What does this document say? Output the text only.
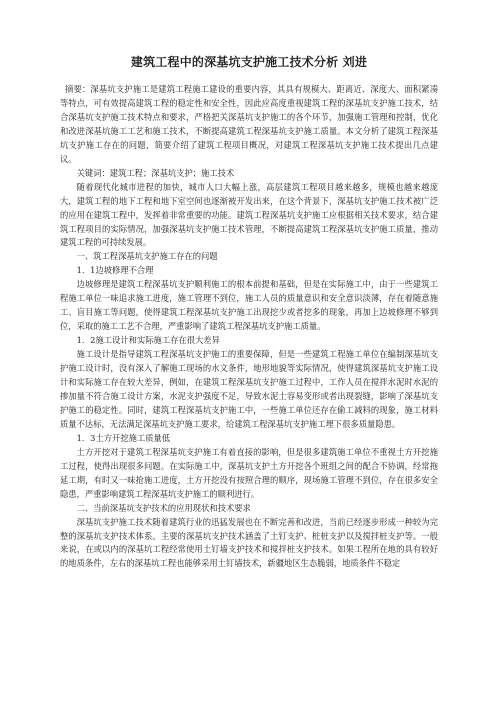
建筑工程中的深基坑支护施工技术分析 刘进

摘要：深基坑支护施工是建筑工程施工建设的重要内容，其具有规模大、距离近、深度大、面积紧凑等特点，可有效提高建筑工程的稳定性和安全性，因此应高度重视建筑工程的深基坑支护施工技术，结合深基坑支护施工技术特点和要求，严格把关深基坑支护施工的各个环节，加强施工管理和控制，优化和改进深基坑施工工艺和施工技术，不断提高建筑工程深基坑支护施工质量。本文分析了建筑工程深基坑支护施工存在的问题，简要介绍了建筑工程项目概况，对建筑工程深基坑支护施工技术提出几点建议。

关键词：建筑工程；深基坑支护；施工技术

随着现代化城市进程的加快，城市人口大幅上涨，高层建筑工程项目越来越多，规模也越来越庞大，建筑工程的地下工程和地下室空间也逐渐被开发出来，在这个背景下，深基坑支护施工技术被广泛的应用在建筑工程中，发挥着非常重要的功能。建筑工程深基坑支护施工应根据相关技术要求，结合建筑工程项目的实际情况，加强深基坑支护施工技术管理，不断提高建筑工程深基坑支护施工质量，推动建筑工程的可持续发展。

一、筑工程深基坑支护施工存在的问题

1．1边坡修理不合理

边坡修理是建筑工程深基坑支护顺利施工的根本前提和基础，但是在实际施工中，由于一些建筑工程施工单位一味追求施工进度，施工管理不到位，施工人员的质量意识和安全意识淡薄，存在着随意施工、盲目施工等问题，使得建筑工程深基坑支护施工出现挖少或者挖多的现象，再加上边坡修理不够到位，采取的施工工艺不合理，严重影响了建筑工程深基坑支护施工质量。

1．2施工设计和实际施工存在很大差异

施工设计是指导建筑工程深基坑支护施工的重要保障，但是一些建筑工程施工单位在编制深基坑支护施工设计时，没有深入了解施工现场的水文条件，地形地貌等实际情况，使得建筑深基坑支护施工设计和实际施工存在较大差异，例如，在建筑工程深基坑支护施工过程中，工作人员在搅拌水泥时水泥的掺加量不符合施工设计方案，水泥支护强度不足，导致水泥土容易变形或者出现裂缝，影响了深基坑支护施工的稳定性。同时，建筑工程深基坑支护施工中，一些施工单位还存在偷工减料的现象，施工材料质量不达标，无法满足深基坑支护施工要求，给建筑工程深基坑支护施工埋下很多质量隐患。

1．3土方开挖施工质量低

土方开挖对于建筑工程深基坑支护施工有着直接的影响，但是很多建筑施工单位不重视土方开挖施工过程，使得出现很多问题。在实际施工中，深基坑支护土方开挖各个班组之间的配合不协调，经常拖延工期，有时又一味抢施工进度，土方开挖没有按照合理的顺序，现场施工管理不到位，存在很多安全隐患，严重影响建筑工程深基坑支护施工的顺利进行。

二、当前深基坑支护技术的应用现状和技术要求

深基坑支护施工技术随着建筑行业的迅猛发展也在不断完善和改进，当前已经逐步形成一种较为完整的深基坑支护技术体系。主要的深基坑支护技术涵盖了土钉支护、桩桩支护以及搅拌桩支护等。一般来说，在或以内的深基坑工程经常使用土钉墙支护技术和搅拌桩支护技术。如果工程所在地的具有较好的地质条件，左右的深基坑工程也能够采用土钉墙技术，新疆地区生态脆弱，地质条件不稳定
